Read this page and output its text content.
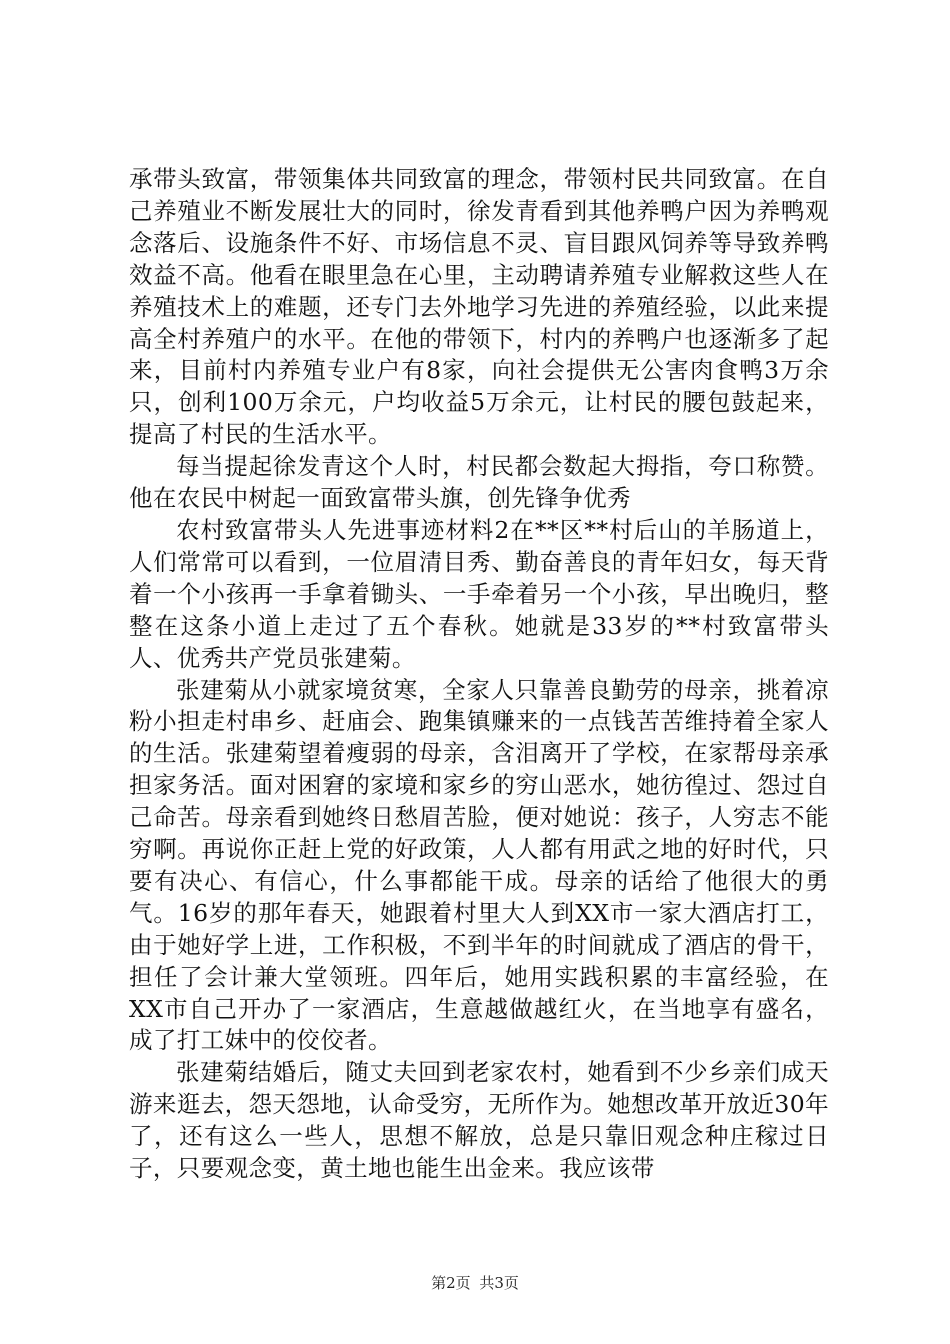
承带头致富，带领集体共同致富的理念，带领村民共同致富。在自己养殖业不断发展壮大的同时，徐发青看到其他养鸭户因为养鸭观念落后、设施条件不好、市场信息不灵、盲目跟风饲养等导致养鸭效益不高。他看在眼里急在心里，主动聘请养殖专业解救这些人在养殖技术上的难题，还专门去外地学习先进的养殖经验，以此来提高全村养殖户的水平。在他的带领下，村内的养鸭户也逐渐多了起来，目前村内养殖专业户有8家，向社会提供无公害肉食鸭3万余只，创利100万余元，户均收益5万余元，让村民的腰包鼓起来，提高了村民的生活水平。

每当提起徐发青这个人时，村民都会数起大拇指，夸口称赞。他在农民中树起一面致富带头旗，创先锋争优秀

农村致富带头人先进事迹材料2在**区**村后山的羊肠道上，人们常常可以看到，一位眉清目秀、勤奋善良的青年妇女，每天背着一个小孩再一手拿着锄头、一手牵着另一个小孩，早出晚归，整整在这条小道上走过了五个春秋。她就是33岁的**村致富带头人、优秀共产党员张建菊。

张建菊从小就家境贫寒，全家人只靠善良勤劳的母亲，挑着凉粉小担走村串乡、赶庙会、跑集镇赚来的一点钱苦苦维持着全家人的生活。张建菊望着瘦弱的母亲，含泪离开了学校，在家帮母亲承担家务活。面对困窘的家境和家乡的穷山恶水，她彷徨过、怨过自己命苦。母亲看到她终日愁眉苦脸，便对她说：孩子，人穷志不能穷啊。再说你正赶上党的好政策，人人都有用武之地的好时代，只要有决心、有信心，什么事都能干成。母亲的话给了他很大的勇气。16岁的那年春天，她跟着村里大人到XX市一家大酒店打工，由于她好学上进，工作积极，不到半年的时间就成了酒店的骨干，担任了会计兼大堂领班。四年后，她用实践积累的丰富经验，在XX市自己开办了一家酒店，生意越做越红火，在当地享有盛名，成了打工妹中的佼佼者。

张建菊结婚后，随丈夫回到老家农村，她看到不少乡亲们成天游来逛去，怨天怨地，认命受穷，无所作为。她想改革开放近30年了，还有这么一些人，思想不解放，总是只靠旧观念种庄稼过日子，只要观念变，黄土地也能生出金来。我应该带

第2页 共3页
